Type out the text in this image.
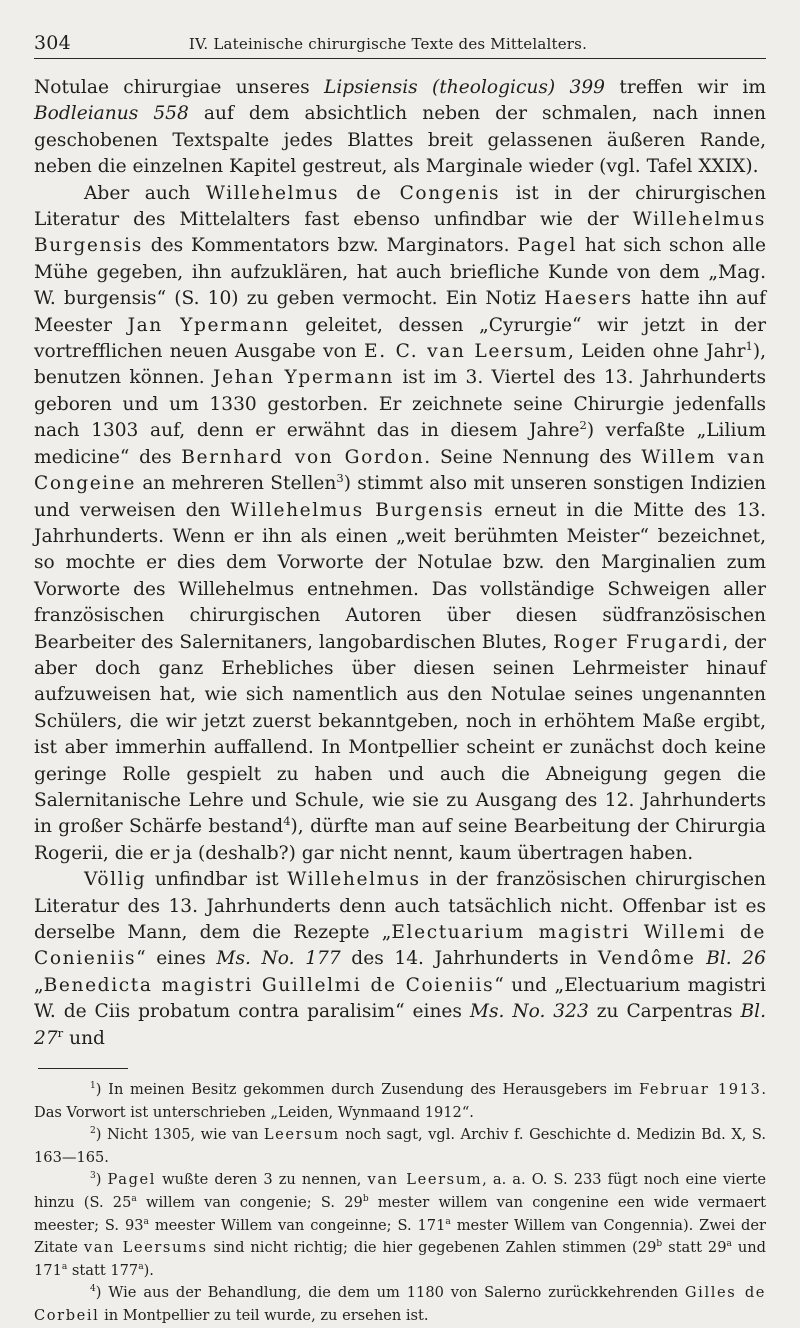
304	IV. Lateinische chirurgische Texte des Mittelalters.

Notulae chirurgiae unseres Lipsiensis (theologicus) 399 treffen wir im Bodleianus 558 auf dem absichtlich neben der schmalen, nach innen geschobenen Textspalte jedes Blattes breit gelassenen äußeren Rande, neben die einzelnen Kapitel gestreut, als Marginale wieder (vgl. Tafel XXIX).

Aber auch Willehelmus de Congenis ist in der chirurgischen Literatur des Mittelalters fast ebenso unfindbar wie der Willehelmus Burgensis des Kommentators bzw. Marginators. Pagel hat sich schon alle Mühe gegeben, ihn aufzuklären, hat auch briefliche Kunde von dem „Mag. W. burgensis“ (S. 10) zu geben vermocht. Ein Notiz Haesers hatte ihn auf Meester Jan Ypermann geleitet, dessen „Cyrurgie“ wir jetzt in der vortrefflichen neuen Ausgabe von E. C. van Leersum, Leiden ohne Jahr$^1$), benutzen können. Jehan Ypermann ist im 3. Viertel des 13. Jahrhunderts geboren und um 1330 gestorben. Er zeichnete seine Chirurgie jedenfalls nach 1303 auf, denn er erwähnt das in diesem Jahre$^2$) verfaßte „Lilium medicine“ des Bernhard von Gordon. Seine Nennung des Willem van Congeine an mehreren Stellen$^3$) stimmt also mit unseren sonstigen Indizien und verweisen den Willehelmus Burgensis erneut in die Mitte des 13. Jahrhunderts. Wenn er ihn als einen „weit berühmten Meister“ bezeichnet, so mochte er dies dem Vorworte der Notulae bzw. den Marginalien zum Vorworte des Willehelmus entnehmen. Das vollständige Schweigen aller französischen chirurgischen Autoren über diesen südfranzösischen Bearbeiter des Salernitaners, langobardischen Blutes, Roger Frugardi, der aber doch ganz Erhebliches über diesen seinen Lehrmeister hinauf aufzuweisen hat, wie sich namentlich aus den Notulae seines ungenannten Schülers, die wir jetzt zuerst bekanntgeben, noch in erhöhtem Maße ergibt, ist aber immerhin auffallend. In Montpellier scheint er zunächst doch keine geringe Rolle gespielt zu haben und auch die Abneigung gegen die Salernitanische Lehre und Schule, wie sie zu Ausgang des 12. Jahrhunderts in großer Schärfe bestand$^4$), dürfte man auf seine Bearbeitung der Chirurgia Rogerii, die er ja (deshalb?) gar nicht nennt, kaum übertragen haben.

Völlig unfindbar ist Willehelmus in der französischen chirurgischen Literatur des 13. Jahrhunderts denn auch tatsächlich nicht. Offenbar ist es derselbe Mann, dem die Rezepte „Electuarium magistri Willemi de Conieniis“ eines Ms. No. 177 des 14. Jahrhunderts in Vendôme Bl. 26 „Benedicta magistri Guillelmi de Coieniis“ und „Electuarium magistri W. de Ciis probatum contra paralisim“ eines Ms. No. 323 zu Carpentras Bl. 27$^r$ und

$^1$) In meinen Besitz gekommen durch Zusendung des Herausgebers im Februar 1913. Das Vorwort ist unterschrieben „Leiden, Wynmaand 1912“.

$^2$) Nicht 1305, wie van Leersum noch sagt, vgl. Archiv f. Geschichte d. Medizin Bd. X, S. 163—165.

$^3$) Pagel wußte deren 3 zu nennen, van Leersum, a. a. O. S. 233 fügt noch eine vierte hinzu (S. 25$^a$ willem van congenie; S. 29$^b$ mester willem van congenine een wide vermaert meester; S. 93$^a$ meester Willem van congeinne; S. 171$^a$ mester Willem van Congennia). Zwei der Zitate van Leersums sind nicht richtig; die hier gegebenen Zahlen stimmen (29$^b$ statt 29$^a$ und 171$^a$ statt 177$^a$).

$^4$) Wie aus der Behandlung, die dem um 1180 von Salerno zurückkehrenden Gilles de Corbeil in Montpellier zu teil wurde, zu ersehen ist.
